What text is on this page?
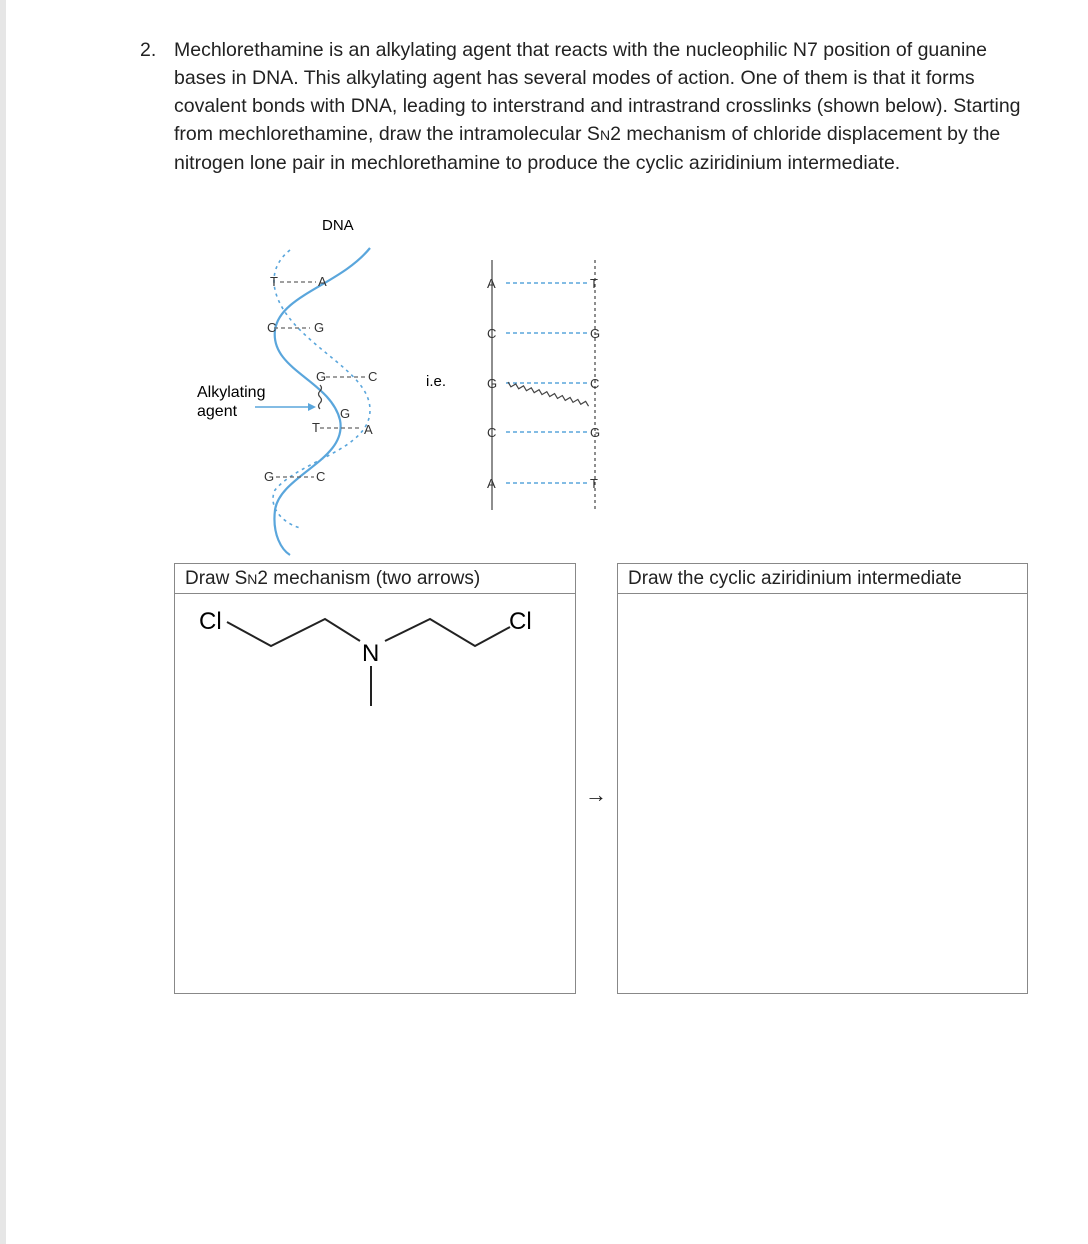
2. Mechlorethamine is an alkylating agent that reacts with the nucleophilic N7 position of guanine bases in DNA. This alkylating agent has several modes of action. One of them is that it forms covalent bonds with DNA, leading to interstrand and intrastrand crosslinks (shown below). Starting from mechlorethamine, draw the intramolecular SN2 mechanism of chloride displacement by the nitrogen lone pair in mechlorethamine to produce the cyclic aziridinium intermediate.
DNA
T	A
C	G
G	C
G
T	A
G	C
Alkylating
agent
i.e.
A
C
G
C
A
T
G
C
G
T
Draw SN2 mechanism (two arrows)
Cl	Cl
N
→
Draw the cyclic aziridinium intermediate
